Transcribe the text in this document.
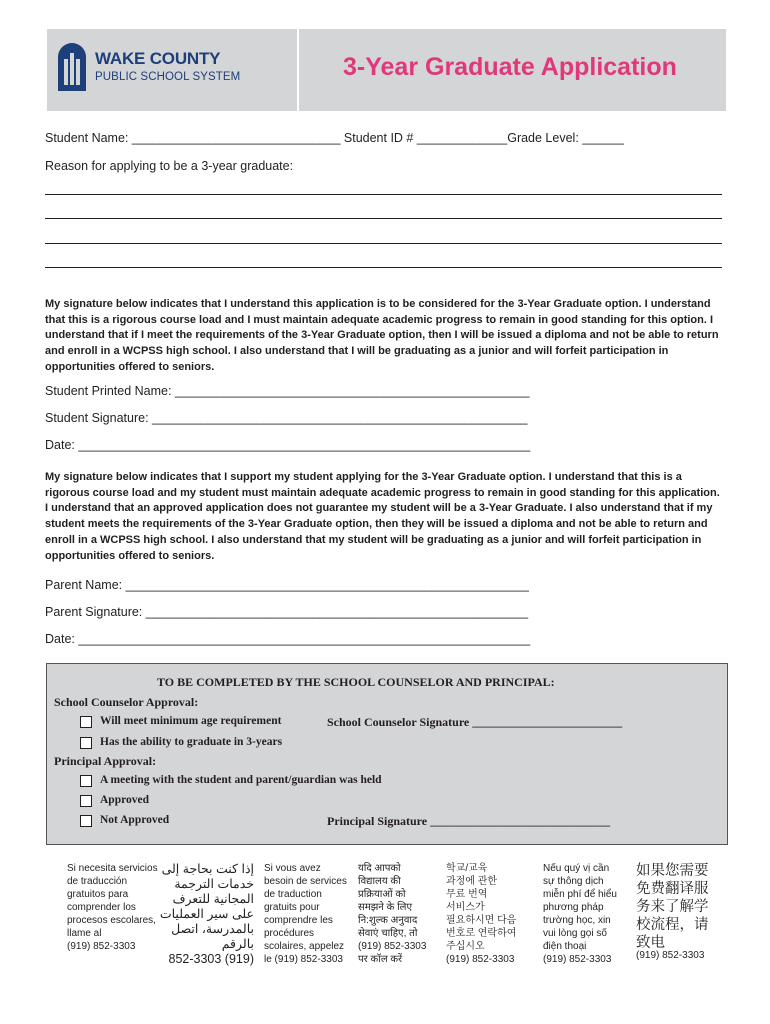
WAKE COUNTY
PUBLIC SCHOOL SYSTEM	3-Year Graduate Application
Student Name: ______________________________ Student ID # _____________Grade Level: ______
Reason for applying to be a 3-year graduate:
My signature below indicates that I understand this application is to be considered for the 3-Year Graduate option. I understand that this is a rigorous course load and I must maintain adequate academic progress to remain in good standing for this option. I understand that if I meet the requirements of the 3-Year Graduate option, then I will be issued a diploma and not be able to return and enroll in a WCPSS high school. I also understand that I will be graduating as a junior and will forfeit participation in opportunities offered to seniors.
Student Printed Name: ___________________________________________________
Student Signature: ______________________________________________________
Date: _________________________________________________________________
My signature below indicates that I support my student applying for the 3-Year Graduate option. I understand that this is a rigorous course load and my student must maintain adequate academic progress to remain in good standing for this application. I understand that an approved application does not guarantee my student will be a 3-Year Graduate. I also understand that if my student meets the requirements of the 3-Year Graduate option, then they will be issued a diploma and not be able to return and enroll in a WCPSS high school. I also understand that my student will be graduating as a junior and will forfeit participation in opportunities offered to seniors.
Parent Name: __________________________________________________________
Parent Signature: _______________________________________________________
Date: _________________________________________________________________
TO BE COMPLETED BY THE SCHOOL COUNSELOR AND PRINCIPAL:
School Counselor Approval:
Will meet minimum age requirement	School Counselor Signature _________________________
Has the ability to graduate in 3-years
Principal Approval:
A meeting with the student and parent/guardian was held
Approved
Not Approved	Principal Signature ______________________________
Si necesita servicios
de traducción
gratuitos para
comprender los
procesos escolares,
llame al
(919) 852-3303
إذا كنت بحاجة إلى
خدمات الترجمة
المجانية للتعرف
على سير العمليات
بالمدرسة، اتصل
بالرقم
(919) 852-3303
Si vous avez
besoin de services
de traduction
gratuits pour
comprendre les
procédures
scolaires, appelez
le (919) 852-3303
यदि आपको
विद्यालय की
प्रक्रियाओं को
समझने के लिए
नि:शुल्क अनुवाद
सेवाएं चाहिए, तो
(919) 852-3303
पर कॉल करें
학교/교육
과정에 관한
무료 번역
서비스가
필요하시면 다음
번호로 연락하여
주십시오
(919) 852-3303
Nếu quý vị cần
sự thông dịch
miễn phí để hiểu
phương pháp
trường học, xin
vui lòng gọi số
điện thoại
(919) 852-3303
如果您需要
免费翻译服
务来了解学
校流程，请
致电
(919) 852-3303
